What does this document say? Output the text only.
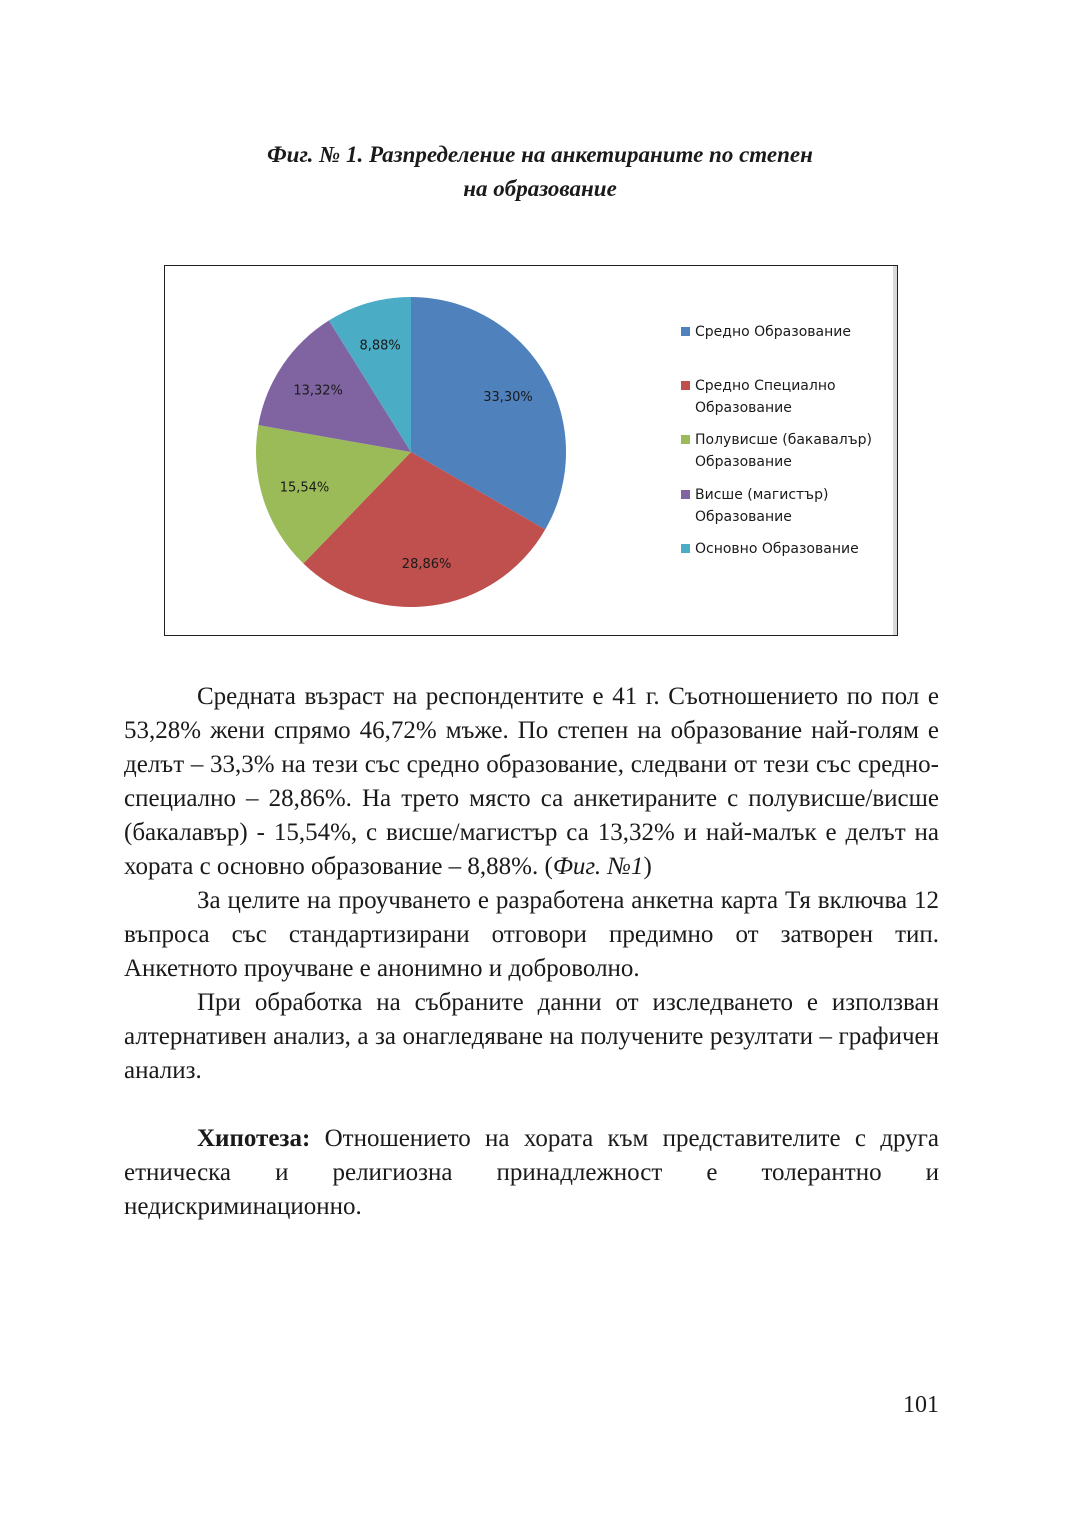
Фиг. № 1. Разпределение на анкетираните по степен
на образование
33,30%
28,86%
15,54%
13,32%
8,88%
Средно Образование
Средно Специално
Образование
Полувисше (бакавалър)
Образование
Висше (магистър)
Образование
Основно Образование

Средната възраст на респондентите е 41 г. Съотношението по пол е 53,28% жени спрямо 46,72% мъже. По степен на образование най-голям е делът – 33,3% на тези със средно образование, следвани от тези със средно-специално – 28,86%. На трето място са анкетираните с полувисше/висше (бакалавър) - 15,54%, с висше/магистър са 13,32% и най-малък е делът на хората с основно образование – 8,88%. (Фиг. №1)

За целите на проучването е разработена анкетна карта Тя включва 12 въпроса със стандартизирани отговори предимно от затворен тип. Анкетното проучване е анонимно и доброволно.

При обработка на събраните данни от изследването е използван алтернативен анализ, а за онагледяване на получените резултати – графичен анализ.

Хипотеза: Отношението на хората към представителите с друга етническа и религиозна принадлежност е толерантно и недискриминационно.

101
